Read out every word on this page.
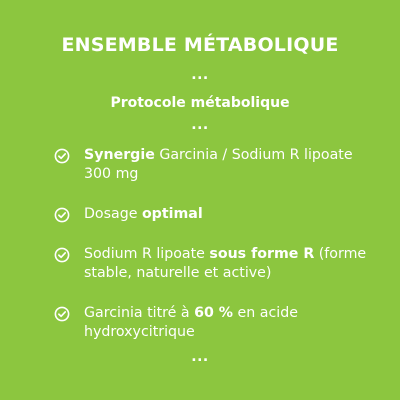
ENSEMBLE MÉTABOLIQUE
...
Protocole métabolique
...
Synergie Garcinia / Sodium R lipoate 300 mg
Dosage optimal
Sodium R lipoate sous forme R (forme stable, naturelle et active)
Garcinia titré à 60 % en acide hydroxycitrique
...
